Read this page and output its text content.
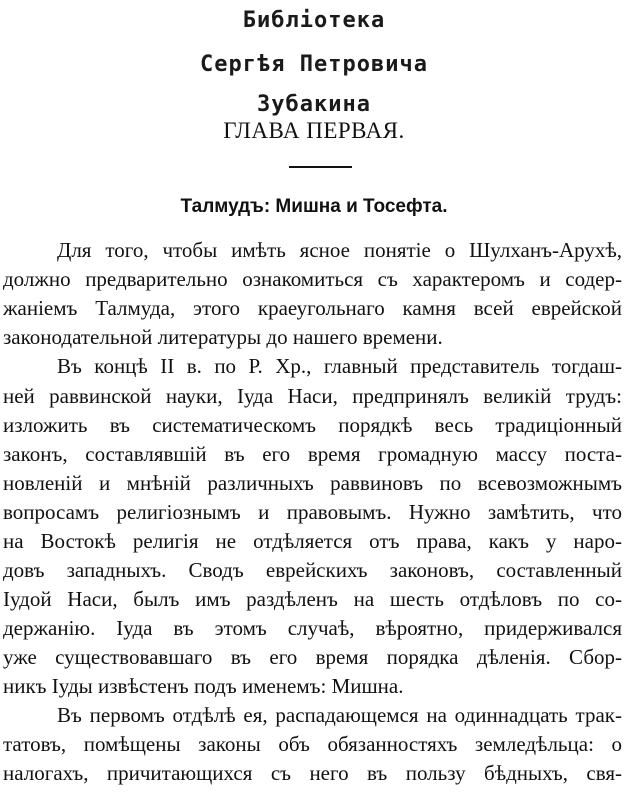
Библіотека
Сергѣя Петровича
Зубакина
ГЛАВА ПЕРВАЯ.
Талмудъ: Мишна и Тосефта.
Для того, чтобы имѣть ясное понятіе о Шулханъ-Арухѣ,
должно предварительно ознакомиться съ характеромъ и содер-
жаніемъ Талмуда, этого краеугольнаго камня всей еврейской
законодательной литературы до нашего времени.
Въ концѣ II в. по Р. Хр., главный представитель тогдаш-
ней раввинской науки, Іуда Наси, предпринялъ великій трудъ:
изложить въ систематическомъ порядкѣ весь традиціонный
законъ, составлявшій въ его время громадную массу поста-
новленій и мнѣній различныхъ раввиновъ по всевозможнымъ
вопросамъ религіознымъ и правовымъ. Нужно замѣтить, что
на Востокѣ религія не отдѣляется отъ права, какъ у наро-
довъ западныхъ. Сводъ еврейскихъ законовъ, составленный
Іудой Наси, былъ имъ раздѣленъ на шесть отдѣловъ по со-
держанію. Іуда въ этомъ случаѣ, вѣроятно, придерживался
уже существовавшаго въ его время порядка дѣленія. Сбор-
никъ Іуды извѣстенъ подъ именемъ: Мишна.
Въ первомъ отдѣлѣ ея, распадающемся на одиннадцать трак-
татовъ, помѣщены законы объ обязанностяхъ земледѣльца: о
налогахъ, причитающихся съ него въ пользу бѣдныхъ, свя-
